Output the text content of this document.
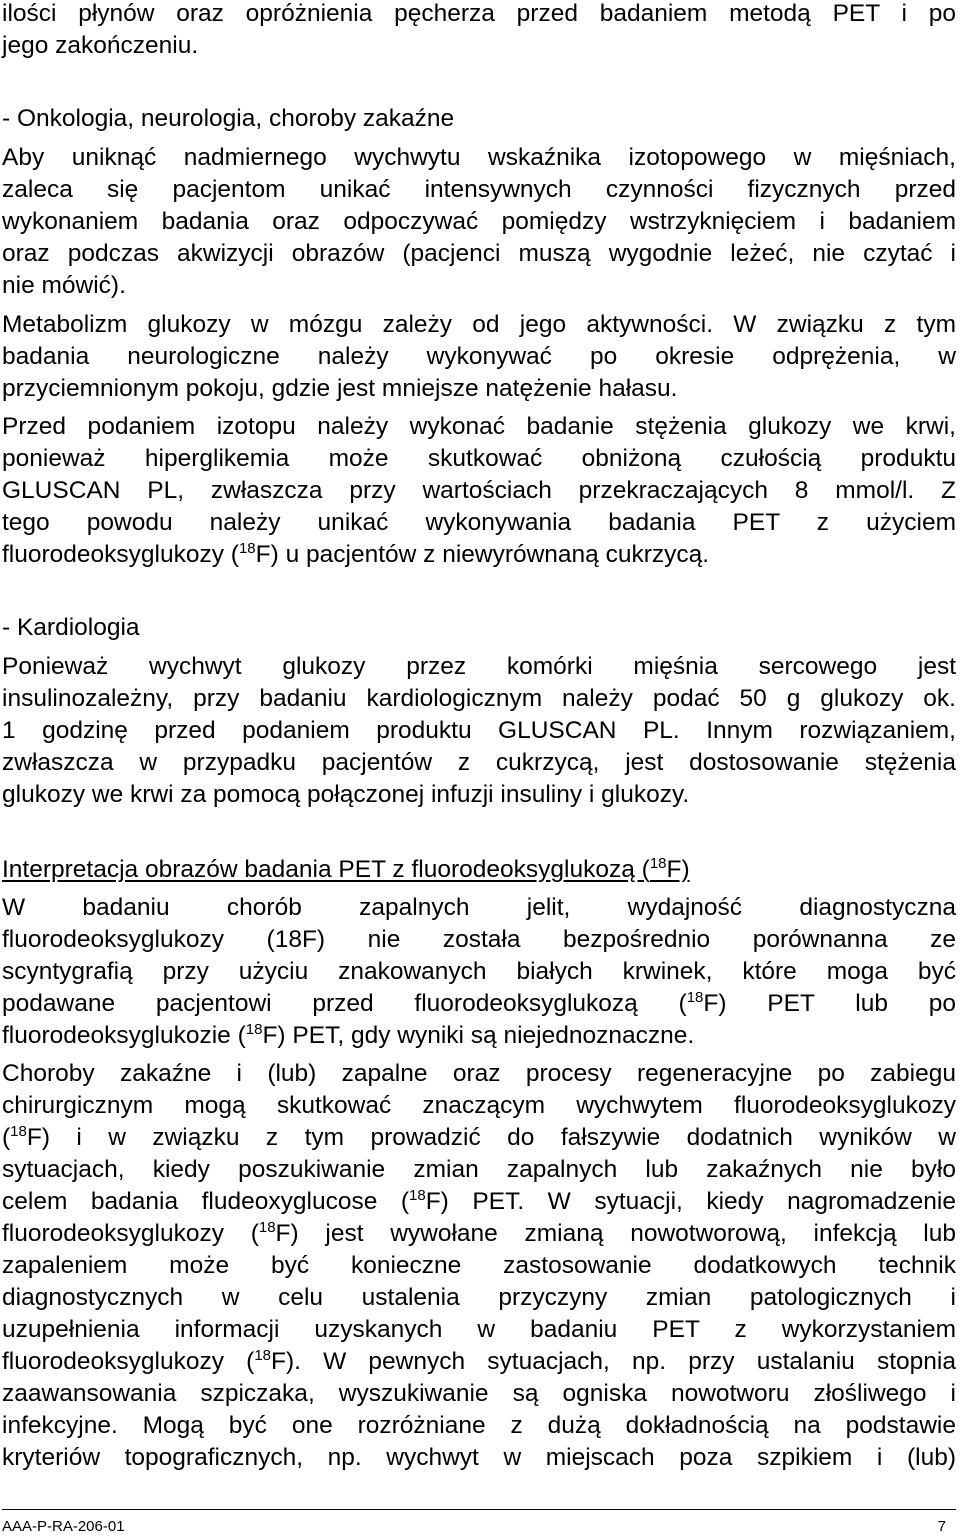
ilości płynów oraz opróżnienia pęcherza przed badaniem metodą PET i po
jego zakończeniu.
- Onkologia, neurologia, choroby zakaźne
Aby uniknąć nadmiernego wychwytu wskaźnika izotopowego w mięśniach,
zaleca się pacjentom unikać intensywnych czynności fizycznych przed
wykonaniem badania oraz odpoczywać pomiędzy wstrzyknięciem i badaniem
oraz podczas akwizycji obrazów (pacjenci muszą wygodnie leżeć, nie czytać i
nie mówić).
Metabolizm glukozy w mózgu zależy od jego aktywności. W związku z tym
badania neurologiczne należy wykonywać po okresie odprężenia, w
przyciemnionym pokoju, gdzie jest mniejsze natężenie hałasu.
Przed podaniem izotopu należy wykonać badanie stężenia glukozy we krwi,
ponieważ hiperglikemia może skutkować obniżoną czułością produktu
GLUSCAN PL, zwłaszcza przy wartościach przekraczających 8 mmol/l. Z
tego powodu należy unikać wykonywania badania PET z użyciem
fluorodeoksyglukozy ($^{18}$F) u pacjentów z niewyrównaną cukrzycą.
- Kardiologia
Ponieważ wychwyt glukozy przez komórki mięśnia sercowego jest
insulinozależny, przy badaniu kardiologicznym należy podać 50 g glukozy ok.
1 godzinę przed podaniem produktu GLUSCAN PL. Innym rozwiązaniem,
zwłaszcza w przypadku pacjentów z cukrzycą, jest dostosowanie stężenia
glukozy we krwi za pomocą połączonej infuzji insuliny i glukozy.
Interpretacja obrazów badania PET z fluorodeoksyglukozą ($^{18}$F)
W badaniu chorób zapalnych jelit, wydajność diagnostyczna
fluorodeoksyglukozy (18F) nie została bezpośrednio porównanna ze
scyntygrafią przy użyciu znakowanych białych krwinek, które moga być
podawane pacjentowi przed fluorodeoksyglukozą ($^{18}$F) PET lub po
fluorodeoksyglukozie ($^{18}$F) PET, gdy wyniki są niejednoznaczne.
Choroby zakaźne i (lub) zapalne oraz procesy regeneracyjne po zabiegu
chirurgicznym mogą skutkować znaczącym wychwytem fluorodeoksyglukozy
($^{18}$F) i w związku z tym prowadzić do fałszywie dodatnich wyników w
sytuacjach, kiedy poszukiwanie zmian zapalnych lub zakaźnych nie było
celem badania fludeoxyglucose ($^{18}$F) PET. W sytuacji, kiedy nagromadzenie
fluorodeoksyglukozy ($^{18}$F) jest wywołane zmianą nowotworową, infekcją lub
zapaleniem może być konieczne zastosowanie dodatkowych technik
diagnostycznych w celu ustalenia przyczyny zmian patologicznych i
uzupełnienia informacji uzyskanych w badaniu PET z wykorzystaniem
fluorodeoksyglukozy ($^{18}$F). W pewnych sytuacjach, np. przy ustalaniu stopnia
zaawansowania szpiczaka, wyszukiwanie są ogniska nowotworu złośliwego i
infekcyjne. Mogą być one rozróżniane z dużą dokładnością na podstawie
kryteriów topograficznych, np. wychwyt w miejscach poza szpikiem i (lub)
AAA-P-RA-206-01	7
